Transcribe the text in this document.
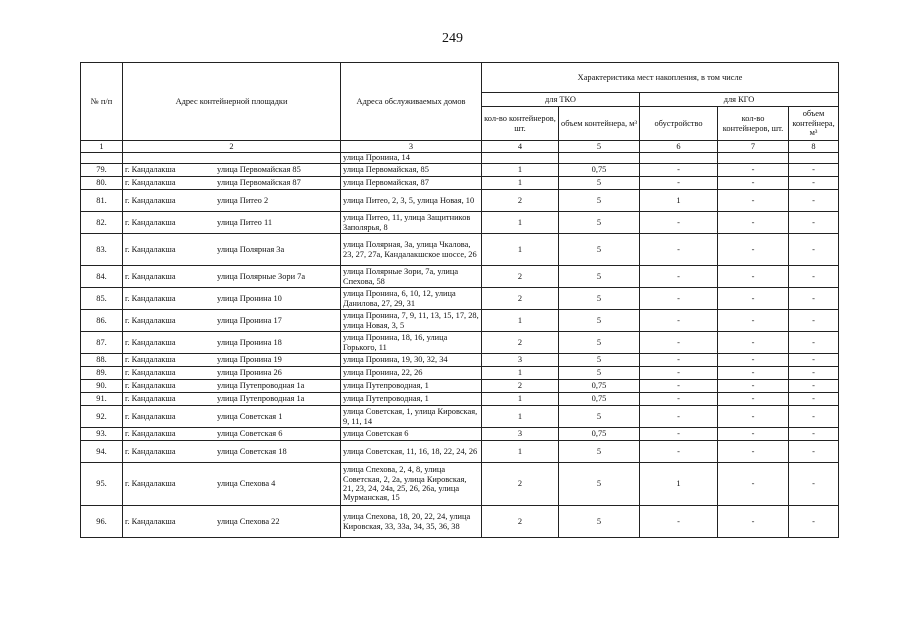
249
№ п/п	Адрес контейнерной площадки	Адреса обслуживаемых домов	Характеристика мест накопления, в том числе				
			для ТКО		для КГО		
			кол-во контейнеров, шт.	объем контейнера, м³	обустройство	кол-во контейнеров, шт.	объем контейнера, м³
1	2	3	4	5	6	7	8
		улица Пронина, 14					
79.	г. Кандалакша улица Первомайская 85	улица Первомайская, 85	1	0,75	-	-	-
80.	г. Кандалакша улица Первомайская 87	улица Первомайская, 87	1	5	-	-	-
81.	г. Кандалакша улица Питео 2	улица Питео, 2, 3, 5, улица Новая, 10	2	5	1	-	-
82.	г. Кандалакша улица Питео 11	улица Питео, 11, улица Защитников Заполярья, 8	1	5	-	-	-
83.	г. Кандалакша улица Полярная 3а	улица Полярная, 3а, улица Чкалова, 23, 27, 27а, Кандалакшское шоссе, 26	1	5	-	-	-
84.	г. Кандалакша улица Полярные Зори 7а	улица Полярные Зори, 7а, улица Спехова, 58	2	5	-	-	-
85.	г. Кандалакша улица Пронина 10	улица Пронина, 6, 10, 12, улица Данилова, 27, 29, 31	2	5	-	-	-
86.	г. Кандалакша улица Пронина 17	улица Пронина, 7, 9, 11, 13, 15, 17, 28, улица Новая, 3, 5	1	5	-	-	-
87.	г. Кандалакша улица Пронина 18	улица Пронина, 18, 16, улица Горького, 11	2	5	-	-	-
88.	г. Кандалакша улица Пронина 19	улица Пронина, 19, 30, 32, 34	3	5	-	-	-
89.	г. Кандалакша улица Пронина 26	улица Пронина, 22, 26	1	5	-	-	-
90.	г. Кандалакша улица Путепроводная 1а	улица Путепроводная, 1	2	0,75	-	-	-
91.	г. Кандалакша улица Путепроводная 1а	улица Путепроводная, 1	1	0,75	-	-	-
92.	г. Кандалакша улица Советская 1	улица Советская, 1, улица Кировская, 9, 11, 14	1	5	-	-	-
93.	г. Кандалакша улица Советская 6	улица Советская 6	3	0,75	-	-	-
94.	г. Кандалакша улица Советская 18	улица Советская, 11, 16, 18, 22, 24, 26	1	5	-	-	-
95.	г. Кандалакша улица Спехова 4	улица Спехова, 2, 4, 8, улица Советская, 2, 2а, улица Кировская, 21, 23, 24, 24а, 25, 26, 26а, улица Мурманская, 15	2	5	1	-	-
96.	г. Кандалакша улица Спехова 22	улица Спехова, 18, 20, 22, 24, улица Кировская, 33, 33а, 34, 35, 36, 38	2	5	-	-	-
